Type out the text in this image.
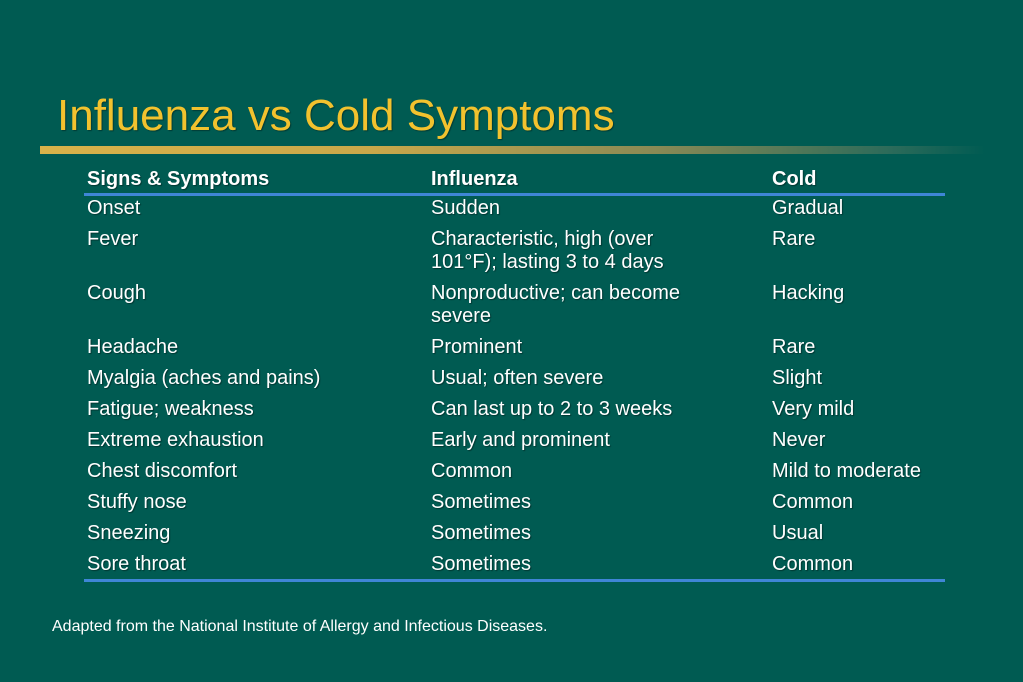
Influenza vs Cold Symptoms
Signs & Symptoms	Influenza	Cold
Onset	Sudden	Gradual
Fever	Characteristic, high (over 101°F); lasting 3 to 4 days	Rare
Cough	Nonproductive; can become severe	Hacking
Headache	Prominent	Rare
Myalgia (aches and pains)	Usual; often severe	Slight
Fatigue; weakness	Can last up to 2 to 3 weeks	Very mild
Extreme exhaustion	Early and prominent	Never
Chest discomfort	Common	Mild to moderate
Stuffy nose	Sometimes	Common
Sneezing	Sometimes	Usual
Sore throat	Sometimes	Common
Adapted from the National Institute of Allergy and Infectious Diseases.
